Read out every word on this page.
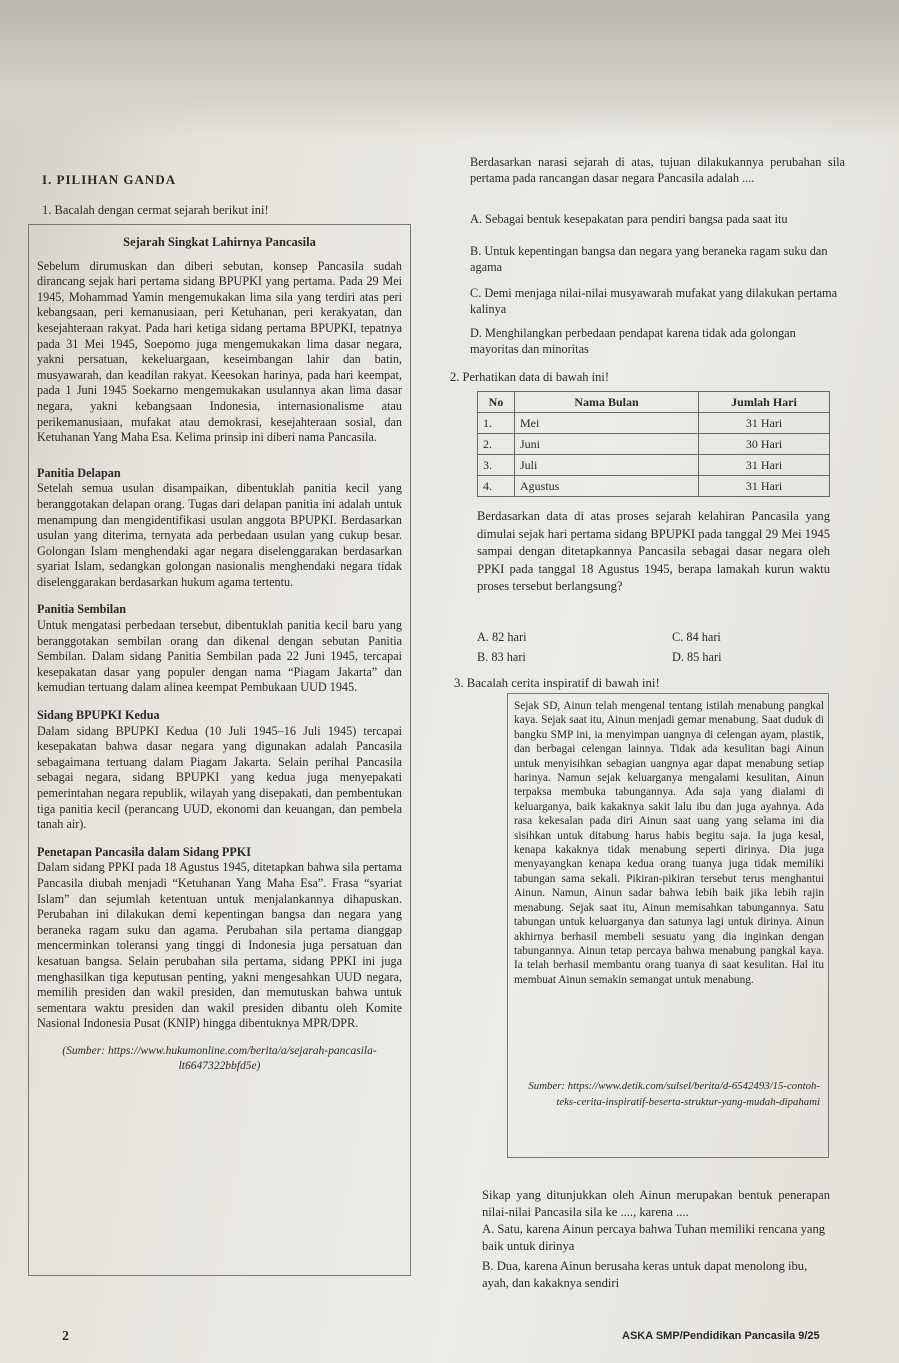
I. PILIHAN GANDA
1. Bacalah dengan cermat sejarah berikut ini!
Sejarah Singkat Lahirnya Pancasila

Sebelum dirumuskan dan diberi sebutan, konsep Pancasila sudah dirancang sejak hari pertama sidang BPUPKI yang pertama. Pada 29 Mei 1945, Mohammad Yamin mengemukakan lima sila yang terdiri atas peri kebangsaan, peri kemanusiaan, peri Ketuhanan, peri kerakyatan, dan kesejahteraan rakyat. Pada hari ketiga sidang pertama BPUPKI, tepatnya pada 31 Mei 1945, Soepomo juga mengemukakan lima dasar negara, yakni persatuan, kekeluargaan, keseimbangan lahir dan batin, musyawarah, dan keadilan rakyat. Keesokan harinya, pada hari keempat, pada 1 Juni 1945 Soekarno mengemukakan usulannya akan lima dasar negara, yakni kebangsaan Indonesia, internasionalisme atau perikemanusiaan, mufakat atau demokrasi, kesejahteraan sosial, dan Ketuhanan Yang Maha Esa. Kelima prinsip ini diberi nama Pancasila.

Panitia Delapan

Setelah semua usulan disampaikan, dibentuklah panitia kecil yang beranggotakan delapan orang. Tugas dari delapan panitia ini adalah untuk menampung dan mengidentifikasi usulan anggota BPUPKI. Berdasarkan usulan yang diterima, ternyata ada perbedaan usulan yang cukup besar. Golongan Islam menghendaki agar negara diselenggarakan berdasarkan syariat Islam, sedangkan golongan nasionalis menghendaki negara tidak diselenggarakan berdasarkan hukum agama tertentu.

Panitia Sembilan

Untuk mengatasi perbedaan tersebut, dibentuklah panitia kecil baru yang beranggotakan sembilan orang dan dikenal dengan sebutan Panitia Sembilan. Dalam sidang Panitia Sembilan pada 22 Juni 1945, tercapai kesepakatan dasar yang populer dengan nama “Piagam Jakarta” dan kemudian tertuang dalam alinea keempat Pembukaan UUD 1945.

Sidang BPUPKI Kedua

Dalam sidang BPUPKI Kedua (10 Juli 1945–16 Juli 1945) tercapai kesepakatan bahwa dasar negara yang digunakan adalah Pancasila sebagaimana tertuang dalam Piagam Jakarta. Selain perihal Pancasila sebagai negara, sidang BPUPKI yang kedua juga menyepakati pemerintahan negara republik, wilayah yang disepakati, dan pembentukan tiga panitia kecil (perancang UUD, ekonomi dan keuangan, dan pembela tanah air).

Penetapan Pancasila dalam Sidang PPKI

Dalam sidang PPKI pada 18 Agustus 1945, ditetapkan bahwa sila pertama Pancasila diubah menjadi “Ketuhanan Yang Maha Esa”. Frasa “syariat Islam” dan sejumlah ketentuan untuk menjalankannya dihapuskan. Perubahan ini dilakukan demi kepentingan bangsa dan negara yang beraneka ragam suku dan agama. Perubahan sila pertama dianggap mencerminkan toleransi yang tinggi di Indonesia juga persatuan dan kesatuan bangsa. Selain perubahan sila pertama, sidang PPKI ini juga menghasilkan tiga keputusan penting, yakni mengesahkan UUD negara, memilih presiden dan wakil presiden, dan memutuskan bahwa untuk sementara waktu presiden dan wakil presiden dibantu oleh Komite Nasional Indonesia Pusat (KNIP) hingga dibentuknya MPR/DPR.

(Sumber: https://www.hukumonline.com/berita/a/sejarah-pancasila-lt6647322bbfd5e)
Berdasarkan narasi sejarah di atas, tujuan dilakukannya perubahan sila pertama pada rancangan dasar negara Pancasila adalah ....
A. Sebagai bentuk kesepakatan para pendiri bangsa pada saat itu
B. Untuk kepentingan bangsa dan negara yang beraneka ragam suku dan agama
C. Demi menjaga nilai-nilai musyawarah mufakat yang dilakukan pertama kalinya
D. Menghilangkan perbedaan pendapat karena tidak ada golongan mayoritas dan minoritas
2. Perhatikan data di bawah ini!
No	Nama Bulan	Jumlah Hari
1.	Mei	31 Hari
2.	Juni	30 Hari
3.	Juli	31 Hari
4.	Agustus	31 Hari
Berdasarkan data di atas proses sejarah kelahiran Pancasila yang dimulai sejak hari pertama sidang BPUPKI pada tanggal 29 Mei 1945 sampai dengan ditetapkannya Pancasila sebagai dasar negara oleh PPKI pada tanggal 18 Agustus 1945, berapa lamakah kurun waktu proses tersebut berlangsung?
A. 82 hari
B. 83 hari
C. 84 hari
D. 85 hari
3. Bacalah cerita inspiratif di bawah ini!
Sejak SD, Ainun telah mengenal tentang istilah menabung pangkal kaya. Sejak saat itu, Ainun menjadi gemar menabung. Saat duduk di bangku SMP ini, ia menyimpan uangnya di celengan ayam, plastik, dan berbagai celengan lainnya. Tidak ada kesulitan bagi Ainun untuk menyisihkan sebagian uangnya agar dapat menabung setiap harinya. Namun sejak keluarganya mengalami kesulitan, Ainun terpaksa membuka tabungannya. Ada saja yang dialami di keluarganya, baik kakaknya sakit lalu ibu dan juga ayahnya. Ada rasa kekesalan pada diri Ainun saat uang yang selama ini dia sisihkan untuk ditabung harus habis begitu saja. Ia juga kesal, kenapa kakaknya tidak menabung seperti dirinya. Dia juga menyayangkan kenapa kedua orang tuanya juga tidak memiliki tabungan sama sekali. Pikiran-pikiran tersebut terus menghantui Ainun. Namun, Ainun sadar bahwa lebih baik jika lebih rajin menabung. Sejak saat itu, Ainun memisahkan tabungannya. Satu tabungan untuk keluarganya dan satunya lagi untuk dirinya. Ainun akhirnya berhasil membeli sesuatu yang dia inginkan dengan tabungannya. Ainun tetap percaya bahwa menabung pangkal kaya. Ia telah berhasil membantu orang tuanya di saat kesulitan. Hal itu membuat Ainun semakin semangat untuk menabung.
Sumber: https://www.detik.com/sulsel/berita/d-6542493/15-contoh-teks-cerita-inspiratif-beserta-struktur-yang-mudah-dipahami
Sikap yang ditunjukkan oleh Ainun merupakan bentuk penerapan nilai-nilai Pancasila sila ke ...., karena ....
A. Satu, karena Ainun percaya bahwa Tuhan memiliki rencana yang baik untuk dirinya
B. Dua, karena Ainun berusaha keras untuk dapat menolong ibu, ayah, dan kakaknya sendiri
2	ASKA SMP/Pendidikan Pancasila 9/25
